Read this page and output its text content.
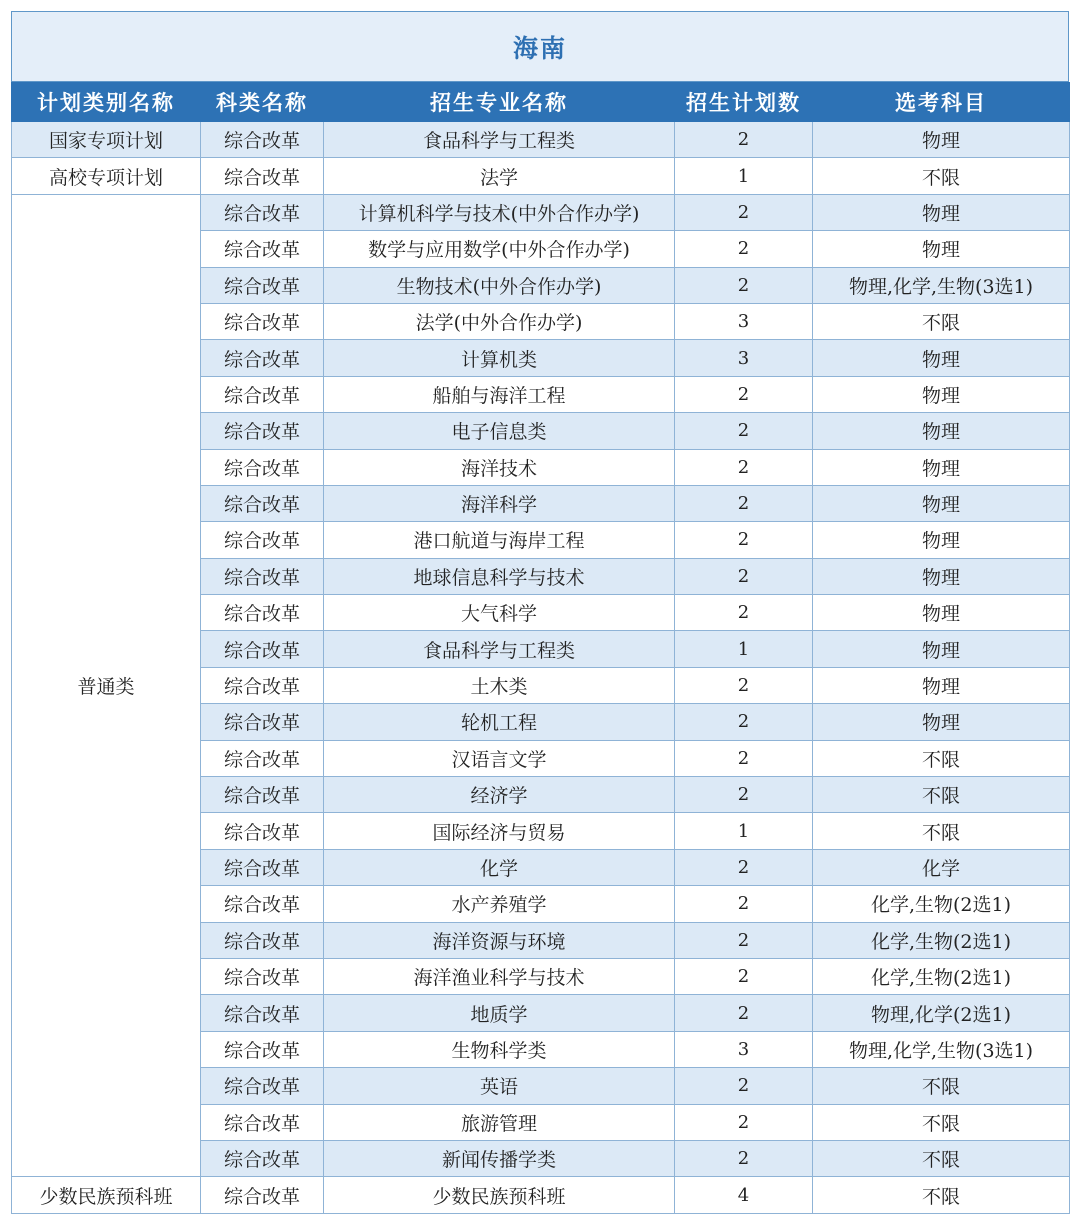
海南
计划类别名称	科类名称	招生专业名称	招生计划数	选考科目
国家专项计划	综合改革	食品科学与工程类	2	物理
高校专项计划	综合改革	法学	1	不限
普通类	综合改革	计算机科学与技术(中外合作办学)	2	物理
	综合改革	数学与应用数学(中外合作办学)	2	物理
	综合改革	生物技术(中外合作办学)	2	物理,化学,生物(3选1)
	综合改革	法学(中外合作办学)	3	不限
	综合改革	计算机类	3	物理
	综合改革	船舶与海洋工程	2	物理
	综合改革	电子信息类	2	物理
	综合改革	海洋技术	2	物理
	综合改革	海洋科学	2	物理
	综合改革	港口航道与海岸工程	2	物理
	综合改革	地球信息科学与技术	2	物理
	综合改革	大气科学	2	物理
	综合改革	食品科学与工程类	1	物理
	综合改革	土木类	2	物理
	综合改革	轮机工程	2	物理
	综合改革	汉语言文学	2	不限
	综合改革	经济学	2	不限
	综合改革	国际经济与贸易	1	不限
	综合改革	化学	2	化学
	综合改革	水产养殖学	2	化学,生物(2选1)
	综合改革	海洋资源与环境	2	化学,生物(2选1)
	综合改革	海洋渔业科学与技术	2	化学,生物(2选1)
	综合改革	地质学	2	物理,化学(2选1)
	综合改革	生物科学类	3	物理,化学,生物(3选1)
	综合改革	英语	2	不限
	综合改革	旅游管理	2	不限
	综合改革	新闻传播学类	2	不限
少数民族预科班	综合改革	少数民族预科班	4	不限
